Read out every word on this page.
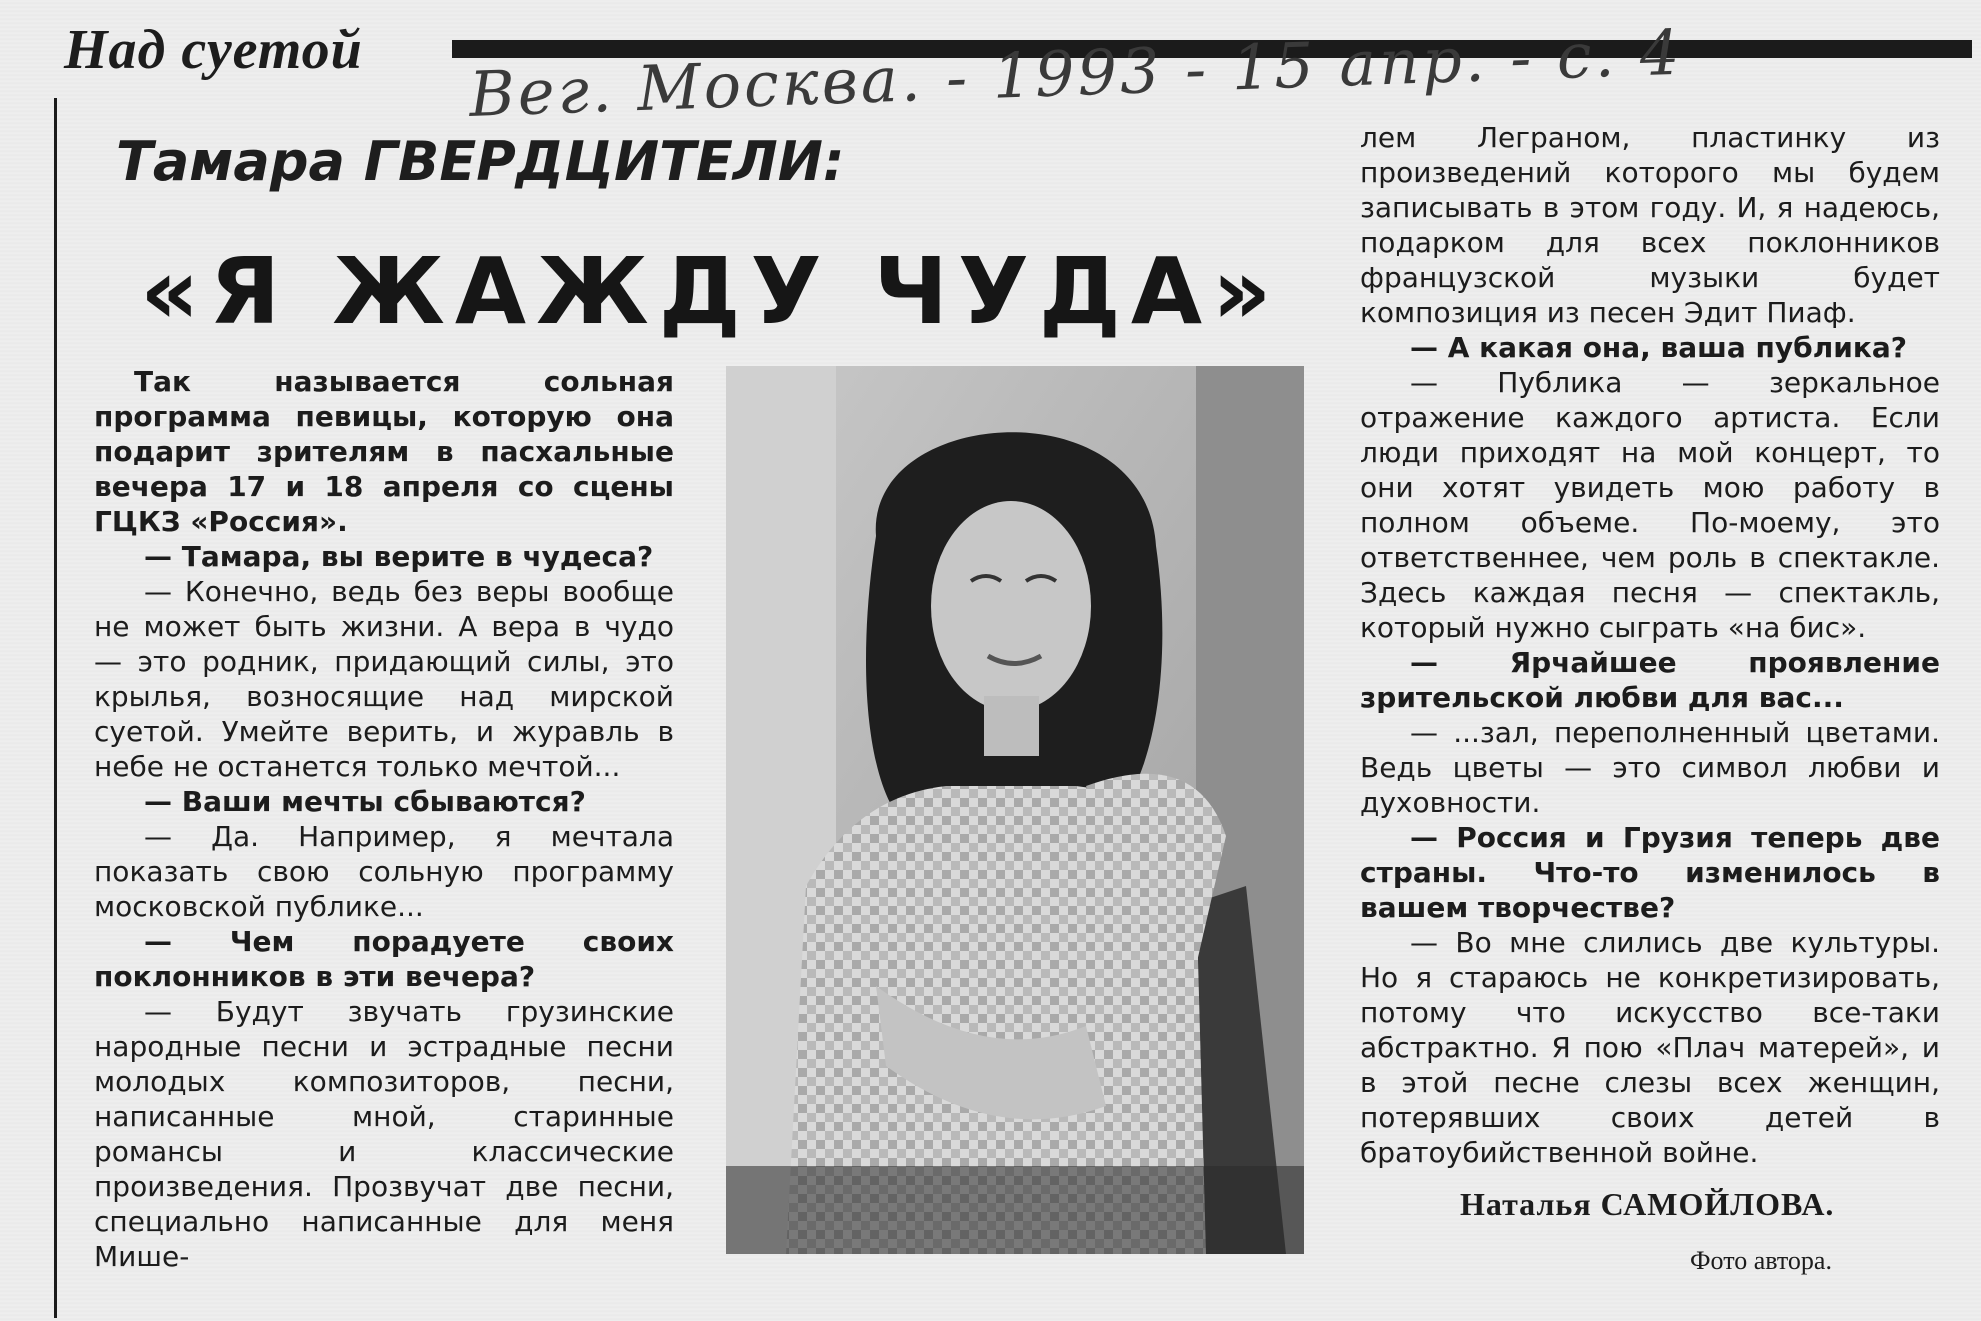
Над суетой Вег. Москва. - 1993 - 15 апр. - с. 4
Тамара ГВЕРДЦИТЕЛИ:
«Я ЖАЖДУ ЧУДА»

Так называется сольная программа певицы, которую она подарит зрителям в пасхальные вечера 17 и 18 апреля со сцены ГЦКЗ «Россия».

— Тамара, вы верите в чудеса?

— Конечно, ведь без веры вообще не может быть жизни. А вера в чудо — это родник, придающий силы, это крылья, возносящие над мирской суетой. Умейте верить, и журавль в небе не останется только мечтой...

— Ваши мечты сбываются?

— Да. Например, я мечтала показать свою сольную программу московской публике...

— Чем порадуете своих поклонников в эти вечера?

— Будут звучать грузинские народные песни и эстрадные песни молодых композиторов, песни, написанные мной, старинные романсы и классические произведения. Прозвучат две песни, специально написанные для меня Мише-

лем Леграном, пластинку из произведений которого мы будем записывать в этом году. И, я надеюсь, подарком для всех поклонников французской музыки будет композиция из песен Эдит Пиаф.

— А какая она, ваша публика?

— Публика — зеркальное отражение каждого артиста. Если люди приходят на мой концерт, то они хотят увидеть мою работу в полном объеме. По-моему, это ответственнее, чем роль в спектакле. Здесь каждая песня — спектакль, который нужно сыграть «на бис».

— Ярчайшее проявление зрительской любви для вас...

— ...зал, переполненный цветами. Ведь цветы — это символ любви и духовности.

— Россия и Грузия теперь две страны. Что-то изменилось в вашем творчестве?

— Во мне слились две культуры. Но я стараюсь не конкретизировать, потому что искусство все-таки абстрактно. Я пою «Плач матерей», и в этой песне слезы всех женщин, потерявших своих детей в братоубийственной войне.

Наталья САМОЙЛОВА.
Фото автора.
